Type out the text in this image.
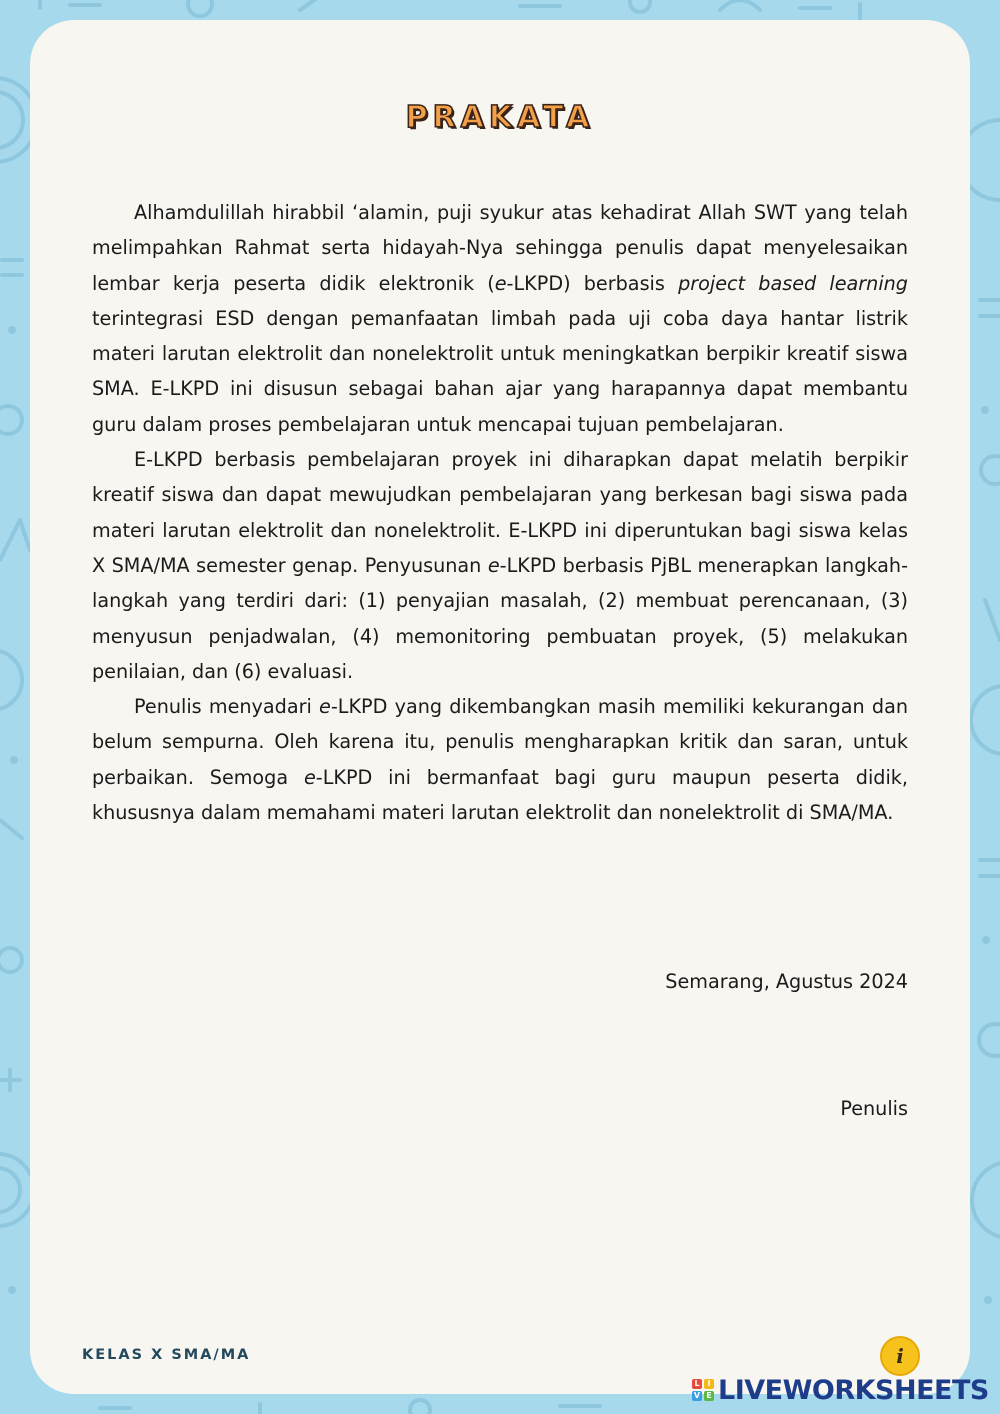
PRAKATA

Alhamdulillah hirabbil ‘alamin, puji syukur atas kehadirat Allah SWT yang telah melimpahkan Rahmat serta hidayah-Nya sehingga penulis dapat menyelesaikan lembar kerja peserta didik elektronik (e-LKPD) berbasis project based learning terintegrasi ESD dengan pemanfaatan limbah pada uji coba daya hantar listrik materi larutan elektrolit dan nonelektrolit untuk meningkatkan berpikir kreatif siswa SMA. E-LKPD ini disusun sebagai bahan ajar yang harapannya dapat membantu guru dalam proses pembelajaran untuk mencapai tujuan pembelajaran.

E-LKPD berbasis pembelajaran proyek ini diharapkan dapat melatih berpikir kreatif siswa dan dapat mewujudkan pembelajaran yang berkesan bagi siswa pada materi larutan elektrolit dan nonelektrolit. E-LKPD ini diperuntukan bagi siswa kelas X SMA/MA semester genap. Penyusunan e-LKPD berbasis PjBL menerapkan langkah-langkah yang terdiri dari: (1) penyajian masalah, (2) membuat perencanaan, (3) menyusun penjadwalan, (4) memonitoring pembuatan proyek, (5) melakukan penilaian, dan (6) evaluasi.

Penulis menyadari e-LKPD yang dikembangkan masih memiliki kekurangan dan belum sempurna. Oleh karena itu, penulis mengharapkan kritik dan saran, untuk perbaikan. Semoga e-LKPD ini bermanfaat bagi guru maupun peserta didik, khususnya dalam memahami materi larutan elektrolit dan nonelektrolit di SMA/MA.

Semarang, Agustus 2024
Penulis
KELAS X SMA/MA	i
L I
V E LIVEWORKSHEETS
